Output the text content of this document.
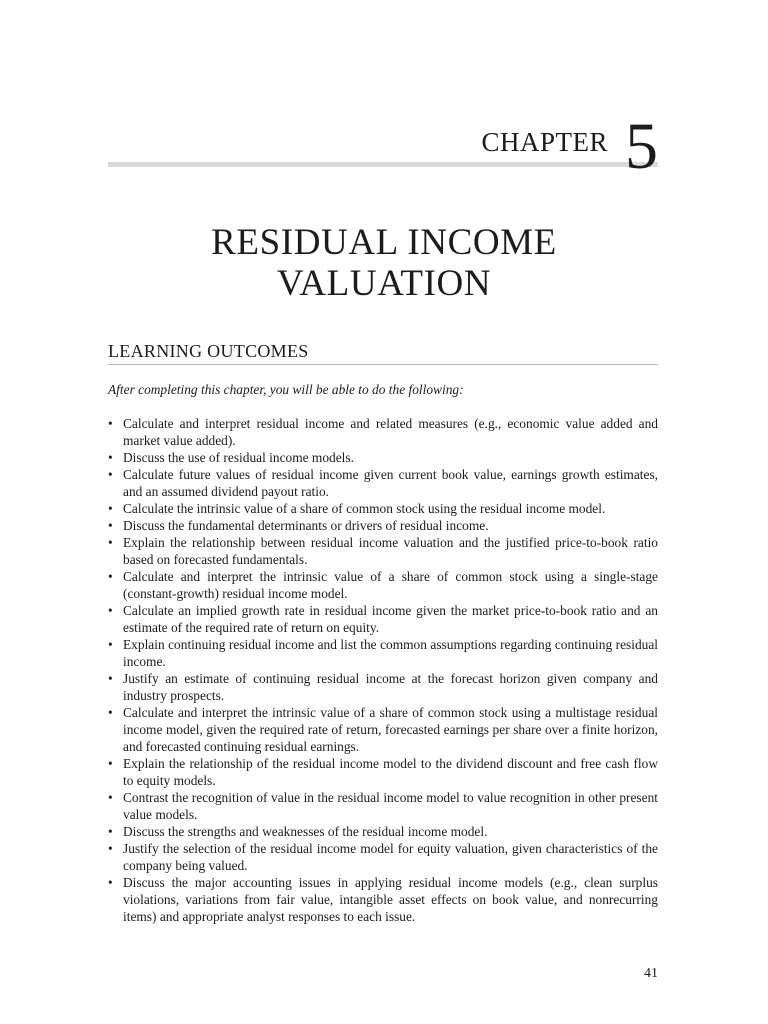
CHAPTER 5
RESIDUAL INCOME
VALUATION
LEARNING OUTCOMES
After completing this chapter, you will be able to do the following:
• Calculate and interpret residual income and related measures (e.g., economic value added and market value added).
• Discuss the use of residual income models.
• Calculate future values of residual income given current book value, earnings growth estimates, and an assumed dividend payout ratio.
• Calculate the intrinsic value of a share of common stock using the residual income model.
• Discuss the fundamental determinants or drivers of residual income.
• Explain the relationship between residual income valuation and the justified price-to-book ratio based on forecasted fundamentals.
• Calculate and interpret the intrinsic value of a share of common stock using a single-stage (constant-growth) residual income model.
• Calculate an implied growth rate in residual income given the market price-to-book ratio and an estimate of the required rate of return on equity.
• Explain continuing residual income and list the common assumptions regarding continuing residual income.
• Justify an estimate of continuing residual income at the forecast horizon given company and industry prospects.
• Calculate and interpret the intrinsic value of a share of common stock using a multistage residual income model, given the required rate of return, forecasted earnings per share over a finite horizon, and forecasted continuing residual earnings.
• Explain the relationship of the residual income model to the dividend discount and free cash flow to equity models.
• Contrast the recognition of value in the residual income model to value recognition in other present value models.
• Discuss the strengths and weaknesses of the residual income model.
• Justify the selection of the residual income model for equity valuation, given characteristics of the company being valued.
• Discuss the major accounting issues in applying residual income models (e.g., clean surplus violations, variations from fair value, intangible asset effects on book value, and nonrecurring items) and appropriate analyst responses to each issue.
41
